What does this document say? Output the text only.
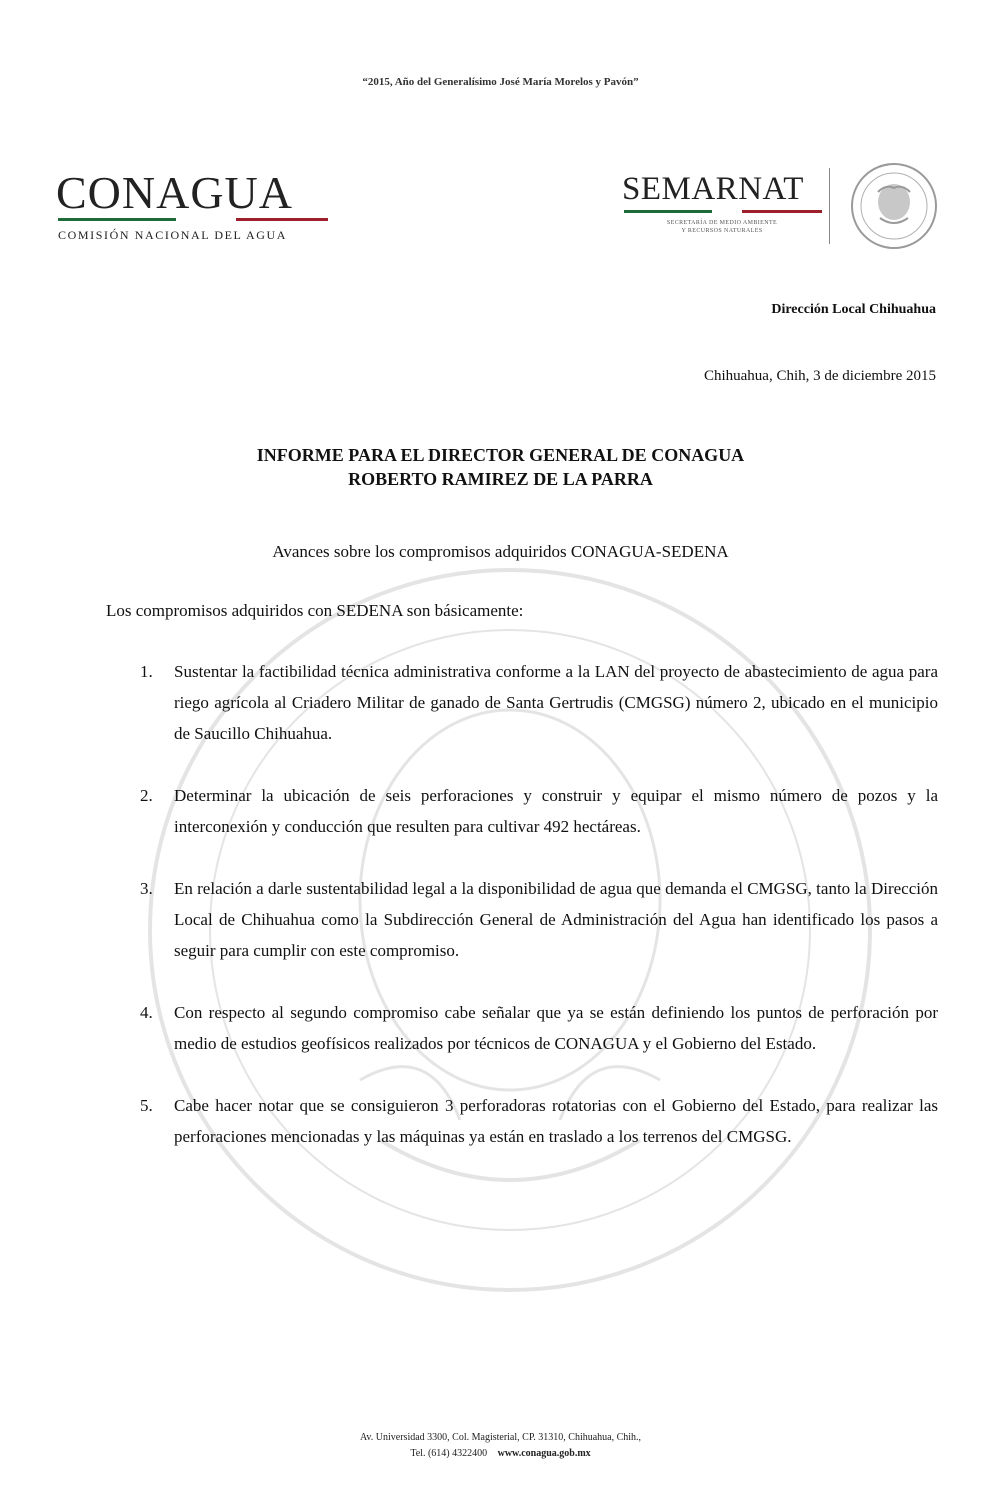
“2015, Año del Generalísimo José María Morelos y Pavón”
CONAGUA
COMISIÓN NACIONAL DEL AGUA
SEMARNAT
SECRETARÍA DE MEDIO AMBIENTE
Y RECURSOS NATURALES
Dirección Local Chihuahua
Chihuahua, Chih, 3 de diciembre 2015
INFORME PARA EL DIRECTOR GENERAL DE CONAGUA
ROBERTO RAMIREZ DE LA PARRA
Avances sobre los compromisos adquiridos CONAGUA-SEDENA
Los compromisos adquiridos con SEDENA son básicamente:
1. Sustentar la factibilidad técnica administrativa conforme a la LAN del proyecto de abastecimiento de agua para riego agrícola al Criadero Militar de ganado de Santa Gertrudis (CMGSG) número 2, ubicado en el municipio de Saucillo Chihuahua.
2. Determinar la ubicación de seis perforaciones y construir y equipar el mismo número de pozos y la interconexión y conducción que resulten para cultivar 492 hectáreas.
3. En relación a darle sustentabilidad legal a la disponibilidad de agua que demanda el CMGSG, tanto la Dirección Local de Chihuahua como la Subdirección General de Administración del Agua han identificado los pasos a seguir para cumplir con este compromiso.
4. Con respecto al segundo compromiso cabe señalar que ya se están definiendo los puntos de perforación por medio de estudios geofísicos realizados por técnicos de CONAGUA y el Gobierno del Estado.
5. Cabe hacer notar que se consiguieron 3 perforadoras rotatorias con el Gobierno del Estado, para realizar las perforaciones mencionadas y las máquinas ya están en traslado a los terrenos del CMGSG.
Av. Universidad 3300, Col. Magisterial, CP. 31310, Chihuahua, Chih.,
Tel. (614) 4322400 www.conagua.gob.mx
